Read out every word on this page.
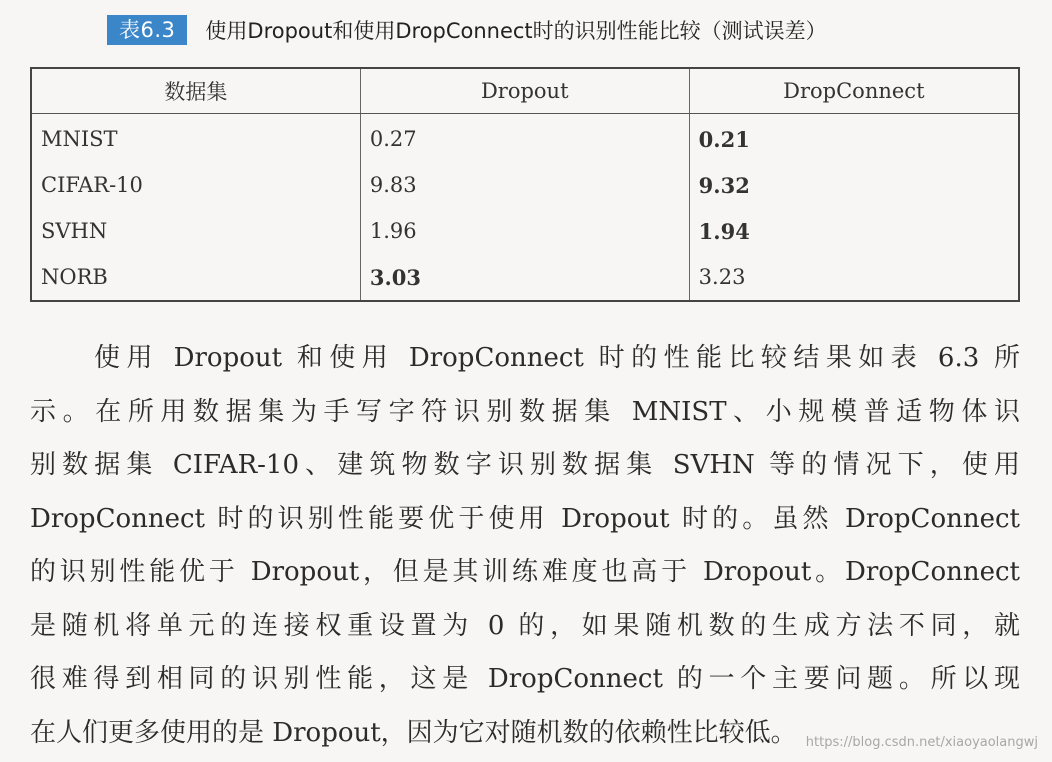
表6.3	使用Dropout和使用DropConnect时的识别性能比较（测试误差）
数据集	Dropout	DropConnect
MNIST	0.27	0.21
CIFAR-10	9.83	9.32
SVHN	1.96	1.94
NORB	3.03	3.23
使用 Dropout 和使用 DropConnect 时的性能比较结果如表 6.3 所
示。在所用数据集为手写字符识别数据集 MNIST、小规模普适物体识
别数据集 CIFAR-10、建筑物数字识别数据集 SVHN 等的情况下，使用
DropConnect 时的识别性能要优于使用 Dropout 时的。虽然 DropConnect
的识别性能优于 Dropout，但是其训练难度也高于 Dropout。DropConnect
是随机将单元的连接权重设置为 0 的，如果随机数的生成方法不同，就
很难得到相同的识别性能，这是 DropConnect 的一个主要问题。所以现
在人们更多使用的是 Dropout，因为它对随机数的依赖性比较低。 https://blog.csdn.net/xiaoyaolangwj
